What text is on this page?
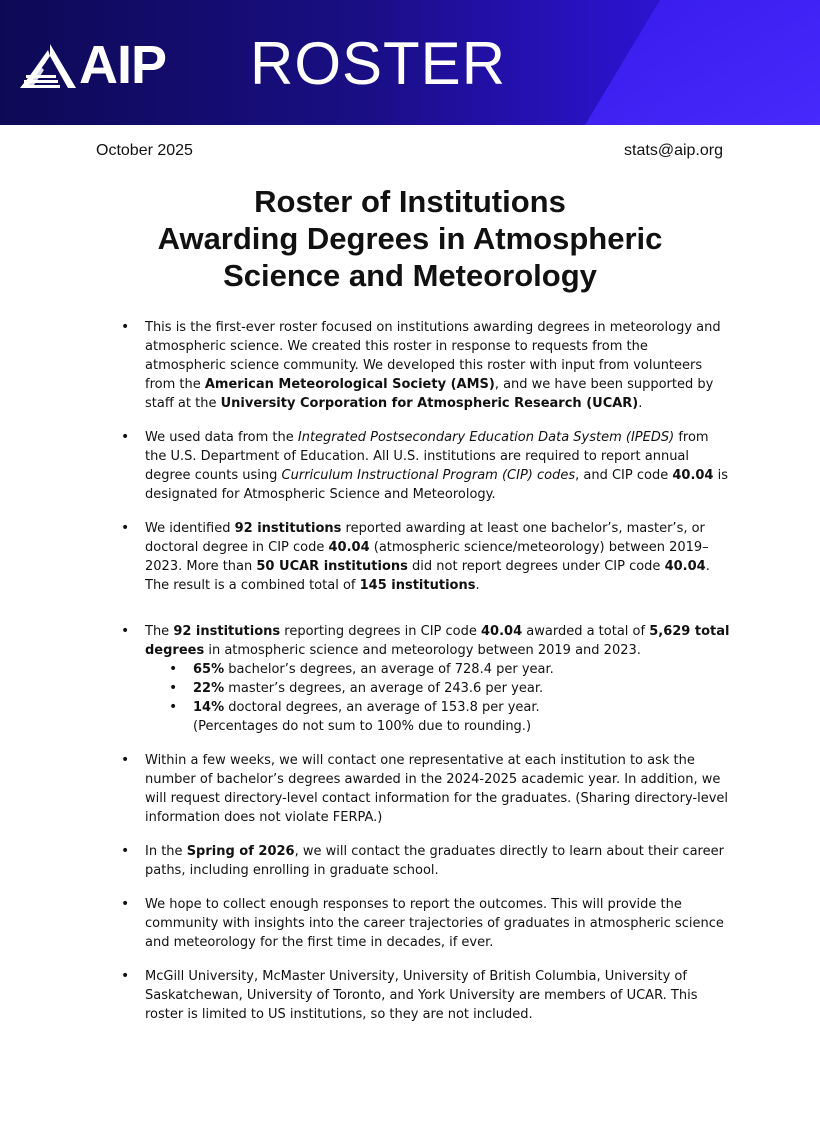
AIP ROSTER
October 2025	stats@aip.org
Roster of Institutions
Awarding Degrees in Atmospheric
Science and Meteorology
• This is the first-ever roster focused on institutions awarding degrees in meteorology and atmospheric science. We created this roster in response to requests from the atmospheric science community. We developed this roster with input from volunteers from the American Meteorological Society (AMS), and we have been supported by staff at the University Corporation for Atmospheric Research (UCAR).
• We used data from the Integrated Postsecondary Education Data System (IPEDS) from the U.S. Department of Education. All U.S. institutions are required to report annual degree counts using Curriculum Instructional Program (CIP) codes, and CIP code 40.04 is designated for Atmospheric Science and Meteorology.
• We identified 92 institutions reported awarding at least one bachelor’s, master’s, or doctoral degree in CIP code 40.04 (atmospheric science/meteorology) between 2019–2023. More than 50 UCAR institutions did not report degrees under CIP code 40.04. The result is a combined total of 145 institutions.
• The 92 institutions reporting degrees in CIP code 40.04 awarded a total of 5,629 total degrees in atmospheric science and meteorology between 2019 and 2023.
• 65% bachelor’s degrees, an average of 728.4 per year.
• 22% master’s degrees, an average of 243.6 per year.
• 14% doctoral degrees, an average of 153.8 per year.
(Percentages do not sum to 100% due to rounding.)
• Within a few weeks, we will contact one representative at each institution to ask the number of bachelor’s degrees awarded in the 2024-2025 academic year. In addition, we will request directory-level contact information for the graduates. (Sharing directory-level information does not violate FERPA.)
• In the Spring of 2026, we will contact the graduates directly to learn about their career paths, including enrolling in graduate school.
• We hope to collect enough responses to report the outcomes. This will provide the community with insights into the career trajectories of graduates in atmospheric science and meteorology for the first time in decades, if ever.
• McGill University, McMaster University, University of British Columbia, University of Saskatchewan, University of Toronto, and York University are members of UCAR. This roster is limited to US institutions, so they are not included.
